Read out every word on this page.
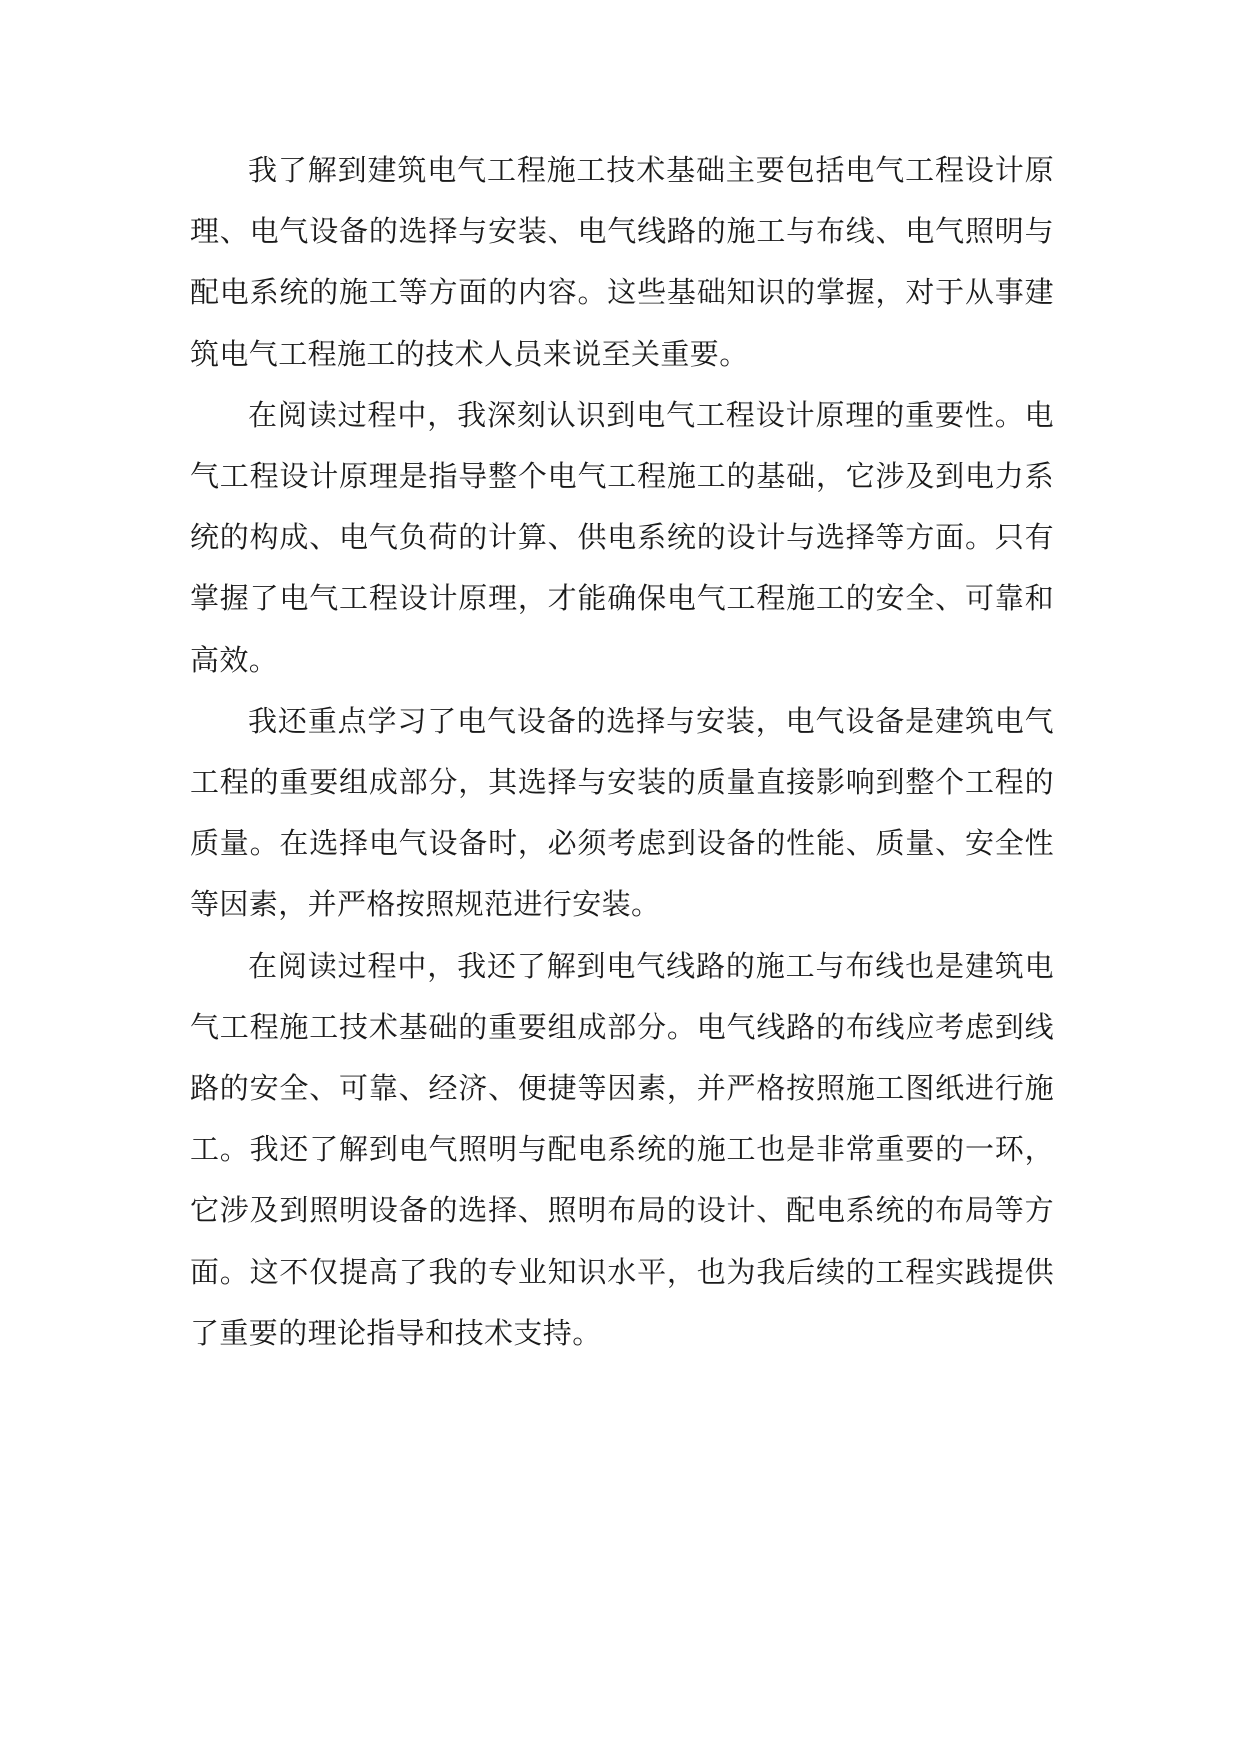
我了解到建筑电气工程施工技术基础主要包括电气工程设计原理、电气设备的选择与安装、电气线路的施工与布线、电气照明与配电系统的施工等方面的内容。这些基础知识的掌握，对于从事建筑电气工程施工的技术人员来说至关重要。

在阅读过程中，我深刻认识到电气工程设计原理的重要性。电气工程设计原理是指导整个电气工程施工的基础，它涉及到电力系统的构成、电气负荷的计算、供电系统的设计与选择等方面。只有掌握了电气工程设计原理，才能确保电气工程施工的安全、可靠和高效。

我还重点学习了电气设备的选择与安装，电气设备是建筑电气工程的重要组成部分，其选择与安装的质量直接影响到整个工程的质量。在选择电气设备时，必须考虑到设备的性能、质量、安全性等因素，并严格按照规范进行安装。

在阅读过程中，我还了解到电气线路的施工与布线也是建筑电气工程施工技术基础的重要组成部分。电气线路的布线应考虑到线路的安全、可靠、经济、便捷等因素，并严格按照施工图纸进行施工。我还了解到电气照明与配电系统的施工也是非常重要的一环，它涉及到照明设备的选择、照明布局的设计、配电系统的布局等方面。这不仅提高了我的专业知识水平，也为我后续的工程实践提供了重要的理论指导和技术支持。
